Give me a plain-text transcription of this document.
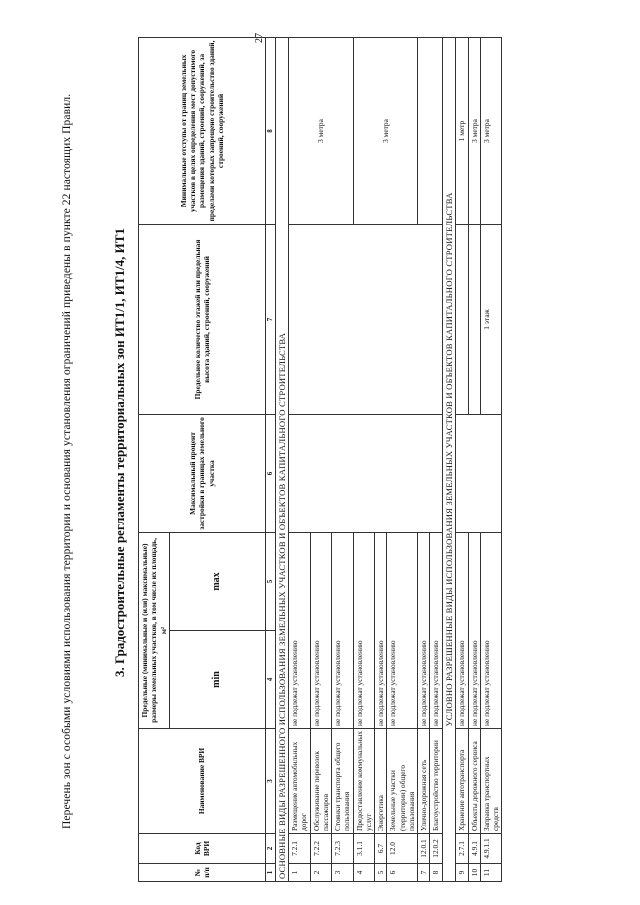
27
Перечень зон с особыми условиями использования территории и основания установления ограничений приведены в пункте 22 настоящих Правил.	3. Градостроительные регламенты территориальных зон ИТ1/1, ИТ1/4, ИТ1
№ п/п	Код ВРИ	Наименование ВРИ	Предельные (минимальные и (или) максимальные) размеры земельных участков, в том числе их площадь, м²		Максимальный процент застройки в границах земельного участка	Предельное количество этажей или предельная высота зданий, строений, сооружений	Минимальные отступы от границ земельных участков в целях определения мест допустимого размещения зданий, строений, сооружений, за пределами которых запрещено строительство зданий, строений, сооружений
			min	max			
1	2	3	4	5	6	7	8
ОСНОВНЫЕ ВИДЫ РАЗРЕШЕННОГО ИСПОЛЬЗОВАНИЯ ЗЕМЕЛЬНЫХ УЧАСТКОВ И ОБЪЕКТОВ КАПИТАЛЬНОГО СТРОИТЕЛЬСТВА							
1	7.2.1	Размещение автомобильных дорог	не подлежат установлению				3 метра
2	7.2.2	Обслуживание перевозок пассажиров	не подлежат установлению				
3	7.2.3	Стоянки транспорта общего пользования	не подлежат установлению				
4	3.1.1	Предоставление коммунальных услуг	не подлежат установлению				3 метра
5	6.7	Энергетика	не подлежат установлению				
6	12.0	Земельные участки (территории) общего пользования	не подлежат установлению				
7	12.0.1	Улично-дорожная сеть	не подлежат установлению				
8	12.0.2	Благоустройство территории	не подлежат установлению				
УСЛОВНО РАЗРЕШЕННЫЕ ВИДЫ ИСПОЛЬЗОВАНИЯ ЗЕМЕЛЬНЫХ УЧАСТКОВ И ОБЪЕКТОВ КАПИТАЛЬНОГО СТРОИТЕЛЬСТВА							
9	2.7.1	Хранение автотранспорта	не подлежат установлению				1 метр
10	4.9.1	Объекты дорожного сервиса	не подлежат установлению				3 метра
11	4.9.1.1	Заправка транспортных средств	не подлежат установлению			1 этаж	3 метра
